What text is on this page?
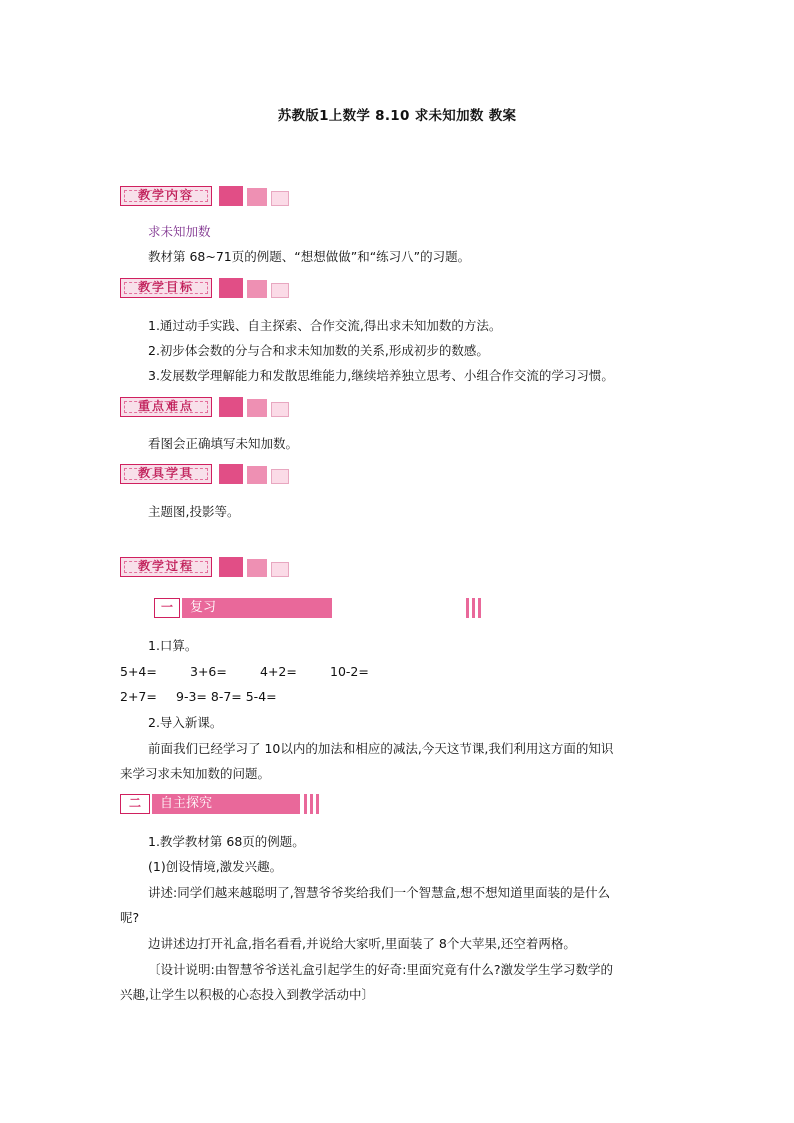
苏教版1上数学 8.10 求未知加数 教案
教学内容
求未知加数
教材第 68~71页的例题、“想想做做”和“练习八”的习题。
教学目标
1.通过动手实践、自主探索、合作交流,得出求未知加数的方法。
2.初步体会数的分与合和求未知加数的关系,形成初步的数感。
3.发展数学理解能力和发散思维能力,继续培养独立思考、小组合作交流的学习习惯。
重点难点
看图会正确填写未知加数。
教具学具
主题图,投影等。
教学过程
一	复习
1.口算。
5+4=	3+6=	4+2=	10-2=
2+7= 9-3= 8-7= 5-4=
2.导入新课。
前面我们已经学习了 10以内的加法和相应的减法,今天这节课,我们利用这方面的知识
来学习求未知加数的问题。
二	自主探究
1.教学教材第 68页的例题。
(1)创设情境,激发兴趣。
讲述:同学们越来越聪明了,智慧爷爷奖给我们一个智慧盒,想不想知道里面装的是什么
呢?
边讲述边打开礼盒,指名看看,并说给大家听,里面装了 8个大苹果,还空着两格。
〔设计说明:由智慧爷爷送礼盒引起学生的好奇:里面究竟有什么?激发学生学习数学的
兴趣,让学生以积极的心态投入到教学活动中〕
